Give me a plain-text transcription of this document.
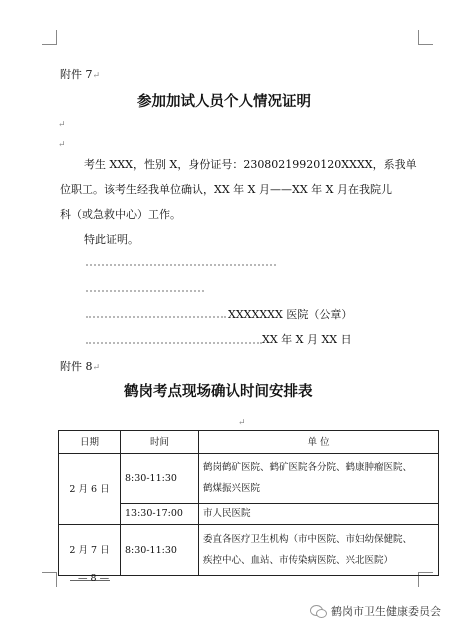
附件 7↵
参加加试人员个人情况证明
↵
↵
考生 XXX，性别 X，身份证号：23080219920120XXXX，系我单
位职工。该考生经我单位确认，XX 年 X 月——XX 年 X 月在我院儿
科（或急救中心）工作。
特此证明。
XXXXXXX 医院（公章）
XX 年 X 月 XX 日
附件 8↵
鹤岗考点现场确认时间安排表
↵
日期	时间	单 位
2 月 6 日	8:30-11:30	鹤岗鹤矿医院、鹤矿医院各分院、鹤康肿瘤医院、
鹤煤振兴医院

	13:30-17:00	市人民医院

2 月 7 日	8:30-11:30	委直各医疗卫生机构（市中医院、市妇幼保健院、
疾控中心、血站、市传染病医院、兴北医院）
— 8 —
鹤岗市卫生健康委员会
